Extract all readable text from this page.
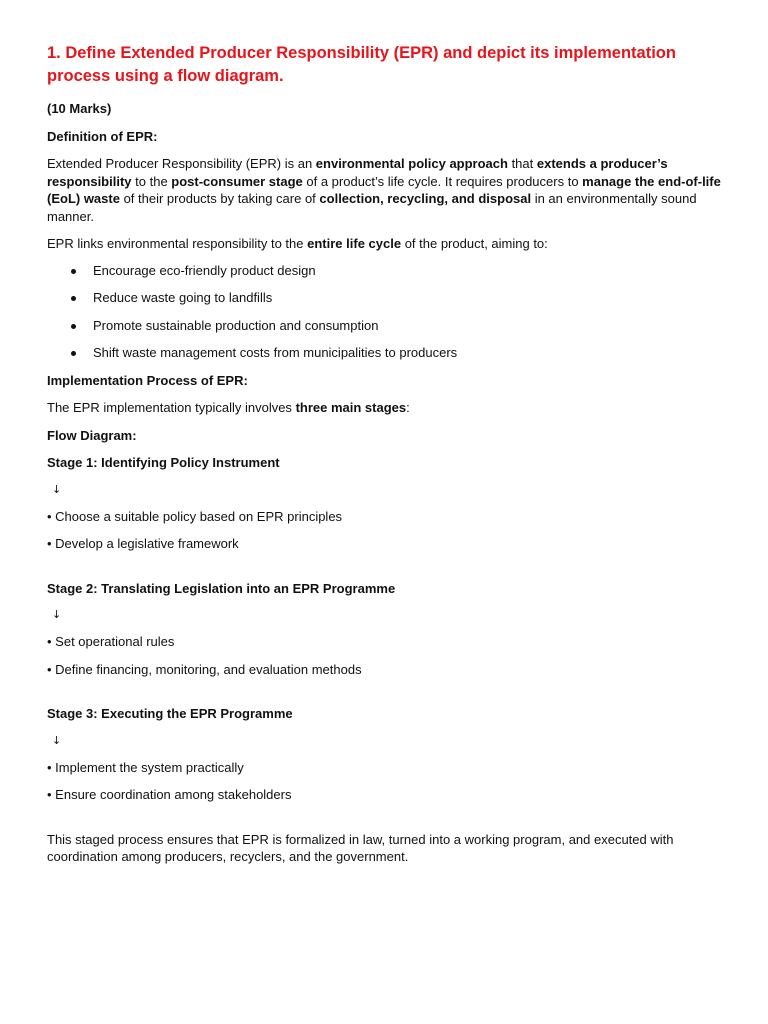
1. Define Extended Producer Responsibility (EPR) and depict its implementation process using a flow diagram.

(10 Marks)

Definition of EPR:

Extended Producer Responsibility (EPR) is an environmental policy approach that extends a producer’s responsibility to the post-consumer stage of a product’s life cycle. It requires producers to manage the end-of-life (EoL) waste of their products by taking care of collection, recycling, and disposal in an environmentally sound manner.

EPR links environmental responsibility to the entire life cycle of the product, aiming to:

Encourage eco-friendly product design
Reduce waste going to landfills
Promote sustainable production and consumption
Shift waste management costs from municipalities to producers

Implementation Process of EPR:

The EPR implementation typically involves three main stages:

Flow Diagram:

Stage 1: Identifying Policy Instrument

↓

• Choose a suitable policy based on EPR principles

• Develop a legislative framework

Stage 2: Translating Legislation into an EPR Programme

↓

• Set operational rules

• Define financing, monitoring, and evaluation methods

Stage 3: Executing the EPR Programme

↓

• Implement the system practically

• Ensure coordination among stakeholders

This staged process ensures that EPR is formalized in law, turned into a working program, and executed with coordination among producers, recyclers, and the government.
